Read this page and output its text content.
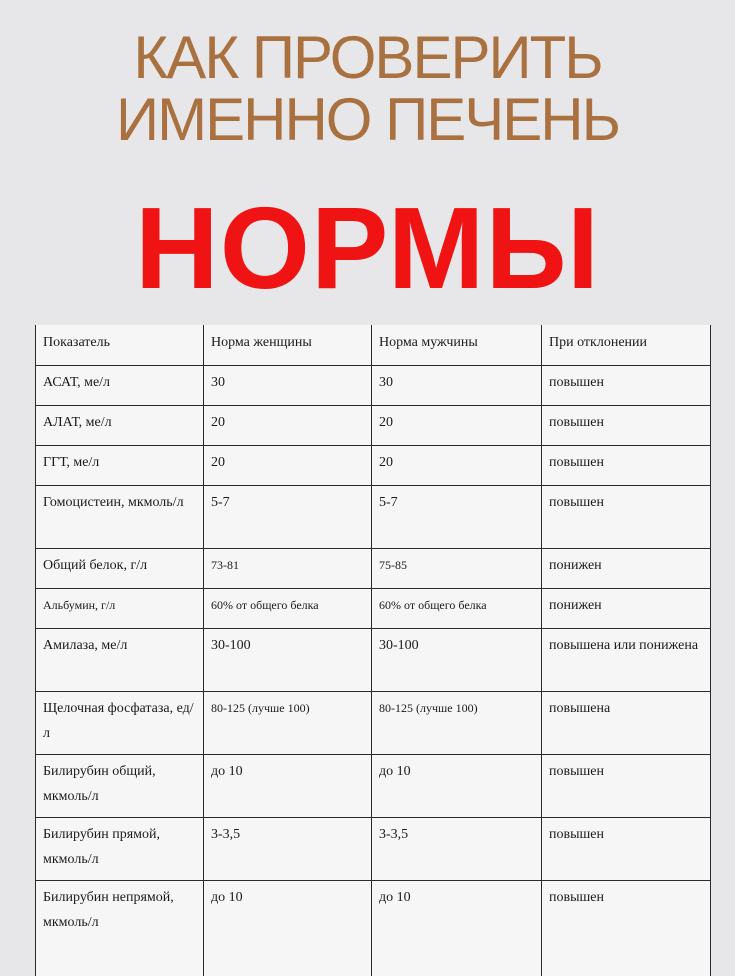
КАК ПРОВЕРИТЬ
ИМЕННО ПЕЧЕНЬ
НОРМЫ
Показатель	Норма женщины	Норма мужчины	При отклонении
АСАТ, ме/л	30	30	повышен
АЛАТ, ме/л	20	20	повышен
ГГТ, ме/л	20	20	повышен
Гомоцистеин, мкмоль/л	5-7	5-7	повышен
Общий белок, г/л	73-81	75-85	понижен
Альбумин, г/л	60% от общего белка	60% от общего белка	понижен
Амилаза, ме/л	30-100	30-100	повышена или понижена
Щелочная фосфатаза, ед/л	80-125 (лучше 100)	80-125 (лучше 100)	повышена
Билирубин общий, мкмоль/л	до 10	до 10	повышен
Билирубин прямой, мкмоль/л	3-3,5	3-3,5	повышен
Билирубин непрямой, мкмоль/л	до 10	до 10	повышен
